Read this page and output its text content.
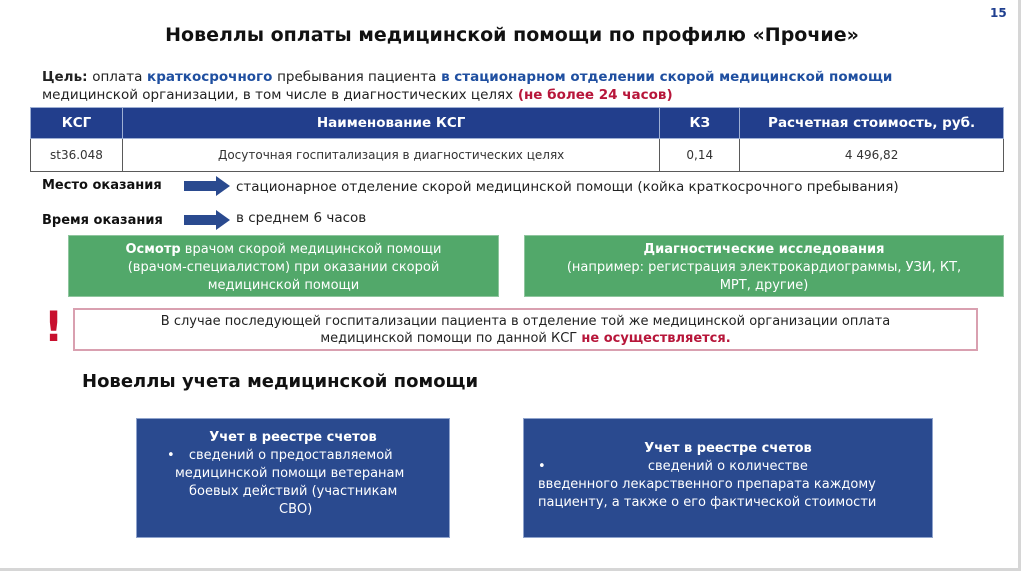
15
Новеллы оплаты медицинской помощи по профилю «Прочие»
Цель: оплата краткосрочного пребывания пациента в стационарном отделении скорой медицинской помощи
медицинской организации, в том числе в диагностических целях (не более 24 часов)
КСГ	Наименование КСГ	КЗ	Расчетная стоимость, руб.
st36.048	Досуточная госпитализация в диагностических целях	0,14	4 496,82
Место оказания	стационарное отделение скорой медицинской помощи (койка краткосрочного пребывания)
Время оказания	в среднем 6 часов
Осмотр врачом скорой медицинской помощи
(врачом-специалистом) при оказании скорой
медицинской помощи
Диагностические исследования
(например: регистрация электрокардиограммы, УЗИ, КТ,
МРТ, другие)
!	В случае последующей госпитализации пациента в отделение той же медицинской организации оплата
медицинской помощи по данной КСГ не осуществляется.
Новеллы учета медицинской помощи
Учет в реестре счетов
• сведений о предоставляемой
медицинской помощи ветеранам
боевых действий (участникам
СВО)
Учет в реестре счетов
•	сведений о количестве
введенного лекарственного препарата каждому
пациенту, а также о его фактической стоимости
